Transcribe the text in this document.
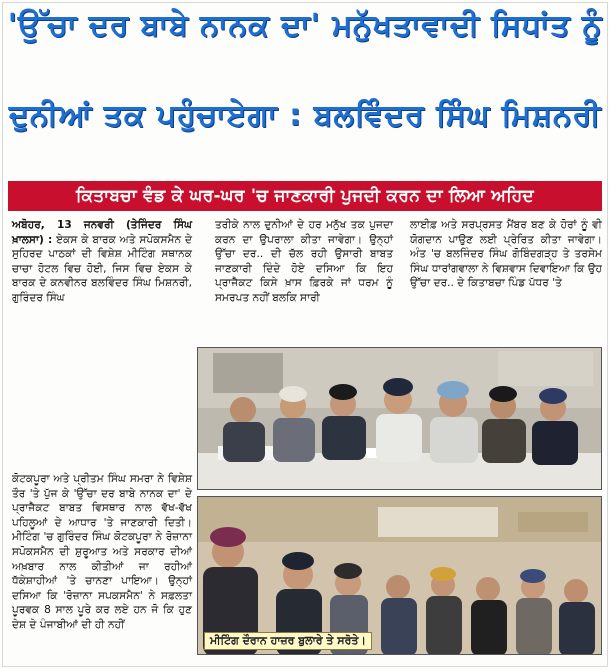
'ਉੱਚਾ ਦਰ ਬਾਬੇ ਨਾਨਕ ਦਾ' ਮਨੁੱਖਤਾਵਾਦੀ ਸਿਧਾਂਤ ਨੂੰ
ਦੁਨੀਆਂ ਤਕ ਪਹੁੰਚਾਏਗਾ : ਬਲਵਿੰਦਰ ਸਿੰਘ ਮਿਸ਼ਨਰੀ
ਕਿਤਾਬਚਾ ਵੰਡ ਕੇ ਘਰ-ਘਰ 'ਚ ਜਾਣਕਾਰੀ ਪੁਜਦੀ ਕਰਨ ਦਾ ਲਿਆ ਅਹਿਦ

ਅਬੋਹਰ, 13 ਜਨਵਰੀ (ਤੇਜਿੰਦਰ ਸਿੰਘ ਖ਼ਾਲਸਾ) : ਏਕਸ ਕੇ ਬਾਰਕ ਅਤੇ ਸਪੋਕਸਮੈਨ ਦੇ ਸੁਹਿਰਦ ਪਾਠਕਾਂ ਦੀ ਵਿਸ਼ੇਸ਼ ਮੀਟਿੰਗ ਸਥਾਨਕ ਚਾਚਾ ਹੋਟਲ ਵਿਚ ਹੋਈ, ਜਿਸ ਵਿਚ ਏਕਸ ਕੇ ਬਾਰਕ ਦੇ ਕਨਵੀਨਰ ਬਲਵਿੰਦਰ ਸਿੰਘ ਮਿਸ਼ਨਰੀ, ਗੁਰਿੰਦਰ ਸਿੰਘ

ਕੋਟਕਪੂਰਾ ਅਤੇ ਪ੍ਰੀਤਮ ਸਿੰਘ ਸਮਰਾ ਨੇ ਵਿਸ਼ੇਸ਼ ਤੌਰ 'ਤੇ ਪੁੱਜ ਕੇ 'ਉੱਚਾ ਦਰ ਬਾਬੇ ਨਾਨਕ ਦਾ' ਦੇ ਪ੍ਰਾਜੈਕਟ ਬਾਬਤ ਵਿਸਥਾਰ ਨਾਲ ਵੱਖ-ਵੱਖ ਪਹਿਲੂਆਂ ਦੇ ਆਧਾਰ 'ਤੇ ਜਾਣਕਾਰੀ ਦਿਤੀ। ਮੀਟਿੰਗ 'ਚ ਗੁਰਿੰਦਰ ਸਿੰਘ ਕੋਟਕਪੂਰਾ ਨੇ ਰੋਜ਼ਾਨਾ ਸਪੋਕਸਮੈਨ ਦੀ ਸ਼ੁਰੂਆਤ ਅਤੇ ਸਰਕਾਰ ਦੀਆਂ ਅਖ਼ਬਾਰ ਨਾਲ ਕੀਤੀਆਂ ਜਾ ਰਹੀਆਂ ਧੱਕੇਸ਼ਾਹੀਆਂ 'ਤੇ ਚਾਨਣਾ ਪਾਇਆ। ਉਨ੍ਹਾਂ ਦਸਿਆ ਕਿ 'ਰੋਜ਼ਾਨਾ ਸਪਕਸਮੈਨ' ਨੇ ਸਫ਼ਲਤਾ ਪੂਰਵਕ 8 ਸਾਲ ਪੂਰੇ ਕਰ ਲਏ ਹਨ ਜੋ ਕਿ ਹੁਣ ਦੇਸ਼ ਦੇ ਪੰਜਾਬੀਆਂ ਦੀ ਹੀ ਨਹੀਂ

ਤਰੀਕੇ ਨਾਲ ਦੁਨੀਆਂ ਦੇ ਹਰ ਮਨੁੱਖ ਤਕ ਪੁਜਦਾ ਕਰਨ ਦਾ ਉਪਰਾਲਾ ਕੀਤਾ ਜਾਵੇਗਾ। ਉਨ੍ਹਾਂ ਉੱਚਾ ਦਰ.. ਦੀ ਚੱਲ ਰਹੀ ਉਸਾਰੀ ਬਾਬਤ ਜਾਣਕਾਰੀ ਦਿੰਦੇ ਹੋਏ ਦਸਿਆ ਕਿ ਇਹ ਪ੍ਰਾਜੈਕਟ ਕਿਸੇ ਖ਼ਾਸ ਫ਼ਿਰਕੇ ਜਾਂ ਧਰਮ ਨੂੰ ਸਮਰਪਤ ਨਹੀਂ ਬਲਕਿ ਸਾਰੀ

ਲਾਈਫ਼ ਅਤੇ ਸਰਪ੍ਰਸਤ ਮੈਂਬਰ ਬਣ ਕੇ ਹੋਰਾਂ ਨੂੰ ਵੀ ਯੋਗਦਾਨ ਪਾਉਣ ਲਈ ਪ੍ਰੇਰਿਤ ਕੀਤਾ ਜਾਵੇਗਾ। ਅੰਤ 'ਚ ਬਲਜਿੰਦਰ ਸਿੰਘ ਗੋਬਿੰਦਗੜ੍ਹ ਤੇ ਤਰਸੇਮ ਸਿੰਘ ਧਾਰਾਂਗਵਾਲਾ ਨੇ ਵਿਸ਼ਵਾਸ ਦਿਵਾਇਆ ਕਿ ਉਹ ਉੱਚਾ ਦਰ.. ਦੇ ਕਿਤਾਬਚਾ ਪਿੰਡ ਪੱਧਰ 'ਤੇ

ਮੀਟਿੰਗ ਦੌਰਾਨ ਹਾਜ਼ਰ ਬੁਲਾਰੇ ਤੇ ਸਰੋਤੇ।
